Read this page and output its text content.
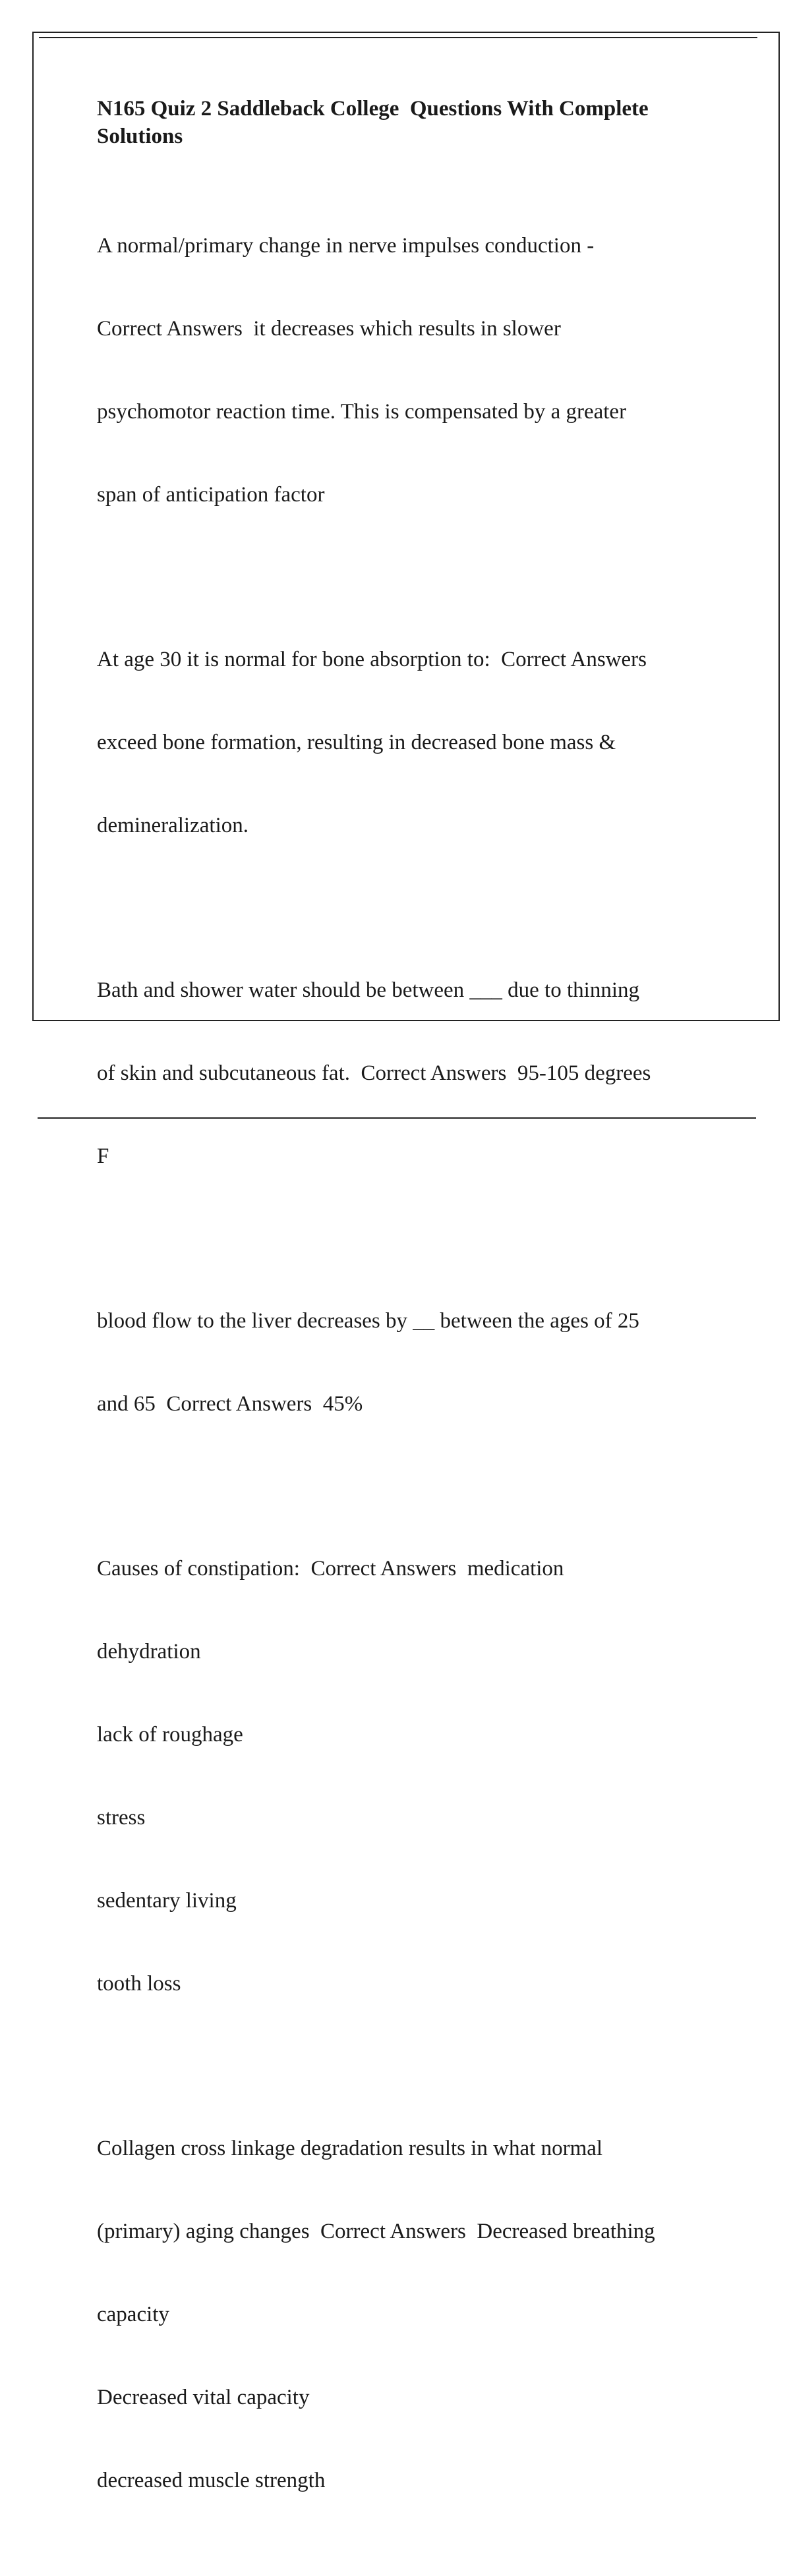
N165 Quiz 2 Saddleback College  Questions With Complete Solutions

A normal/primary change in nerve impulses conduction -

Correct Answers  it decreases which results in slower

psychomotor reaction time. This is compensated by a greater

span of anticipation factor

At age 30 it is normal for bone absorption to:  Correct Answers

exceed bone formation, resulting in decreased bone mass &

demineralization.

Bath and shower water should be between ___ due to thinning

of skin and subcutaneous fat.  Correct Answers  95-105 degrees

F

blood flow to the liver decreases by __ between the ages of 25

and 65  Correct Answers  45%

Causes of constipation:  Correct Answers  medication

dehydration

lack of roughage

stress

sedentary living

tooth loss

Collagen cross linkage degradation results in what normal

(primary) aging changes  Correct Answers  Decreased breathing

capacity

Decreased vital capacity

decreased muscle strength
